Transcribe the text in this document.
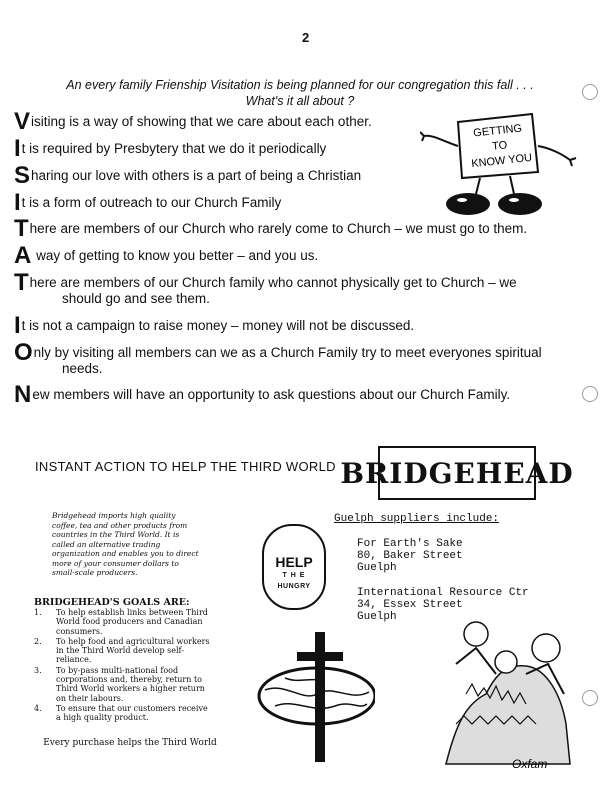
2
An every family Frienship Visitation is being planned for our congregation this fall . . .
What's it all about ?
Visiting is a way of showing that we care about each other.
It is required by Presbytery that we do it periodically
Sharing our love with others is a part of being a Christian
It is a form of outreach to our Church Family
There are members of our Church who rarely come to Church – we must go to them.
A way of getting to know you better – and you us.
There are members of our Church family who cannot physically get to Church – we
should go and see them.
It is not a campaign to raise money – money will not be discussed.
Only by visiting all members can we as a Church Family try to meet everyones spiritual
needs.
New members will have an opportunity to ask questions about our Church Family.
GETTING
TO
KNOW YOU
INSTANT ACTION TO HELP THE THIRD WORLD BRIDGEHEAD
Bridgehead imports high quality coffee, tea and other products from countries in the Third World. It is called an alternative trading organization and enables you to direct more of your consumer dollars to small-scale producers.
BRIDGEHEAD'S GOALS ARE:
1. To help establish links between Third World food producers and Canadian consumers.
2. To help food and agricultural workers in the Third World develop self-reliance.
3. To by-pass multi-national food corporations and, thereby, return to Third World workers a higher return on their labours.
4. To ensure that our customers receive a high quality product.
Every purchase helps the Third World
HELP
T H E
HUNGRY
Guelph suppliers include:
For Earth's Sake
80, Baker Street
Guelph
International Resource Ctr
34, Essex Street
Guelph
Oxfam
